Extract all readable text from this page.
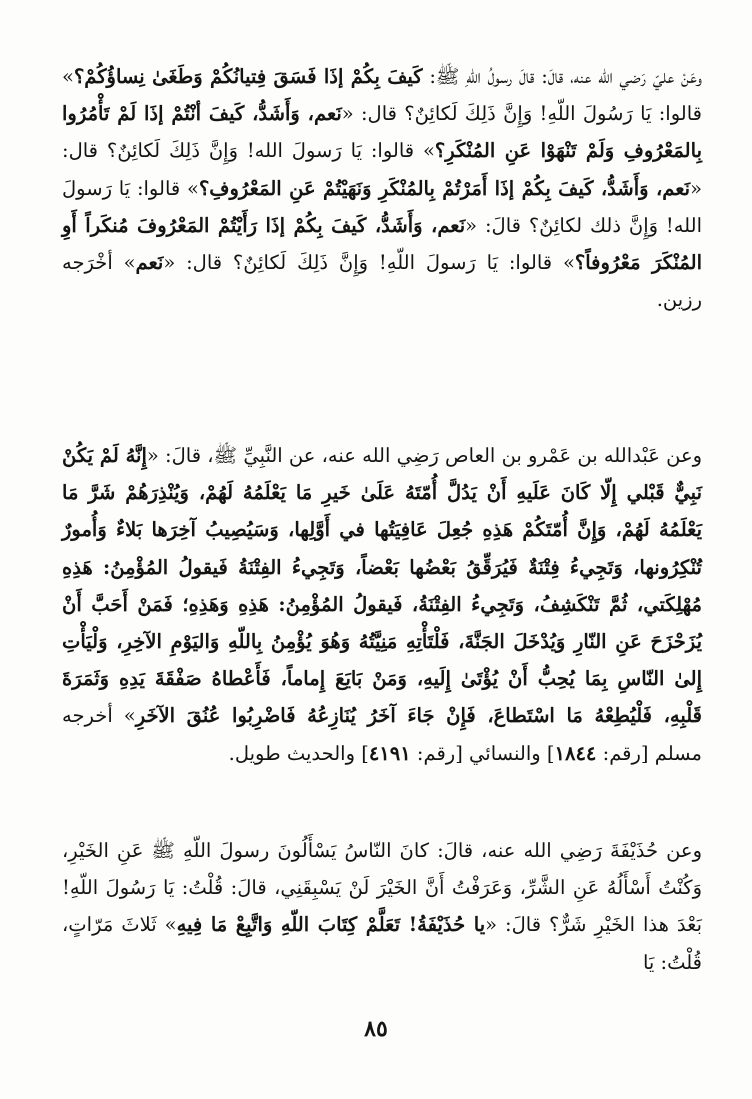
وعَنْ عليّ رَضي الله عنه، قالَ: قالَ رسولُ اللّهِ ﷺ: كَيفَ بِكُمْ إذَا فَسَقَ فِتيانُكُمْ وَطَغَىٰ نِساؤُكُمْ؟» قالوا: يَا رَسُولَ اللّهِ! وَإِنَّ ذَلِكَ لَكائِنٌ؟ قال: «نَعم، وَأَشَدُّ، كَيفَ أنْتُمْ إذَا لَمْ تَأْمُرُوا بِالمَعْرُوفِ وَلَمْ تَنْهَوْا عَنِ المُنْكَرِ؟» قالوا: يَا رَسولَ الله! وَإِنَّ ذَلِكَ لَكائِنٌ؟ قال: «نَعم، وَأَشَدُّ، كَيفَ بِكُمْ إذَا أَمَرْتُمْ بِالمُنْكَرِ وَنَهَيْتُمْ عَنِ المَعْرُوفِ؟» قالوا: يَا رَسولَ الله! وَإِنَّ ذلك لكائِنٌ؟ قالَ: «نَعم، وَأَشَدُّ، كَيفَ بِكُمْ إذَا رَأَيْتُمْ المَعْرُوفَ مُنكَراً أَوِ المُنْكَرَ مَعْرُوفاً؟» قالوا: يَا رَسولَ اللّهِ! وَإِنَّ ذَلِكَ لَكائِنٌ؟ قال: «نَعم» أخْرَجه رزين.

وعن عَبْدالله بن عَمْرو بن العاص رَضِي الله عنه، عن النَّبِيِّ ﷺ، قالَ: «إِنَّهُ لَمْ يَكُنْ نَبِيٌّ قَبْلي إِلّا كَانَ عَلَيهِ أَنْ يَدُلَّ أُمّتَهُ عَلَىٰ خَيرِ مَا يَعْلَمُهُ لَهُمْ، وَيُنْذِرَهُمْ شَرَّ مَا يَعْلَمُهُ لَهُمْ، وَإِنَّ أُمّتَكُمْ هَذِهِ جُعِلَ عَافِيَتُها في أَوَّلِها، وَسَيُصِيبُ آخِرَها بَلاءٌ وَأُمورٌ تُنْكِرُونها، وَتَجِيءُ فِتْنَةٌ فَيُرَقِّقُ بَعْضُها بَعْضاً، وَتَجِيءُ الفِتْنَةُ فَيقولُ المُؤْمِنُ: هَذِهِ مُهْلِكَتي، ثُمَّ تَنْكَشِفُ، وَتَجِيءُ الفِتْنَةُ، فَيقولُ المُؤْمِنُ: هَذِهِ وَهَذِهِ؛ فَمَنْ أَحَبَّ أَنْ يُزَحْزَحَ عَنِ النّارِ وَيُدْخَلَ الجَنَّةَ، فَلْتَأْتِهِ مَنِيَّتُهُ وَهُوَ يُؤْمِنُ بِاللّهِ وَاليَوْمِ الآخِرِ، وَلْيَأْتِ إِلىٰ النّاسِ بِمَا يُحِبُّ أَنْ يُؤْتَىٰ إِلَيهِ، وَمَنْ بَايَعَ إِماماً، فَأَعْطاهُ صَفْقَةَ يَدِهِ وَثَمَرَةَ قَلْبِهِ، فَلْيُطِعْهُ مَا اسْتَطاعَ، فَإِنْ جَاءَ آخَرُ يُنَازِعُهُ فَاضْرِبُوا عُنُقَ الآخَرِ» أخرجه مسلم [رقم: ١٨٤٤] والنسائي [رقم: ٤١٩١] والحديث طويل.

وعن حُذَيْفَةَ رَضِي الله عنه، قالَ: كانَ النّاسُ يَسْأَلُونَ رسولَ اللّهِ ﷺ عَنِ الخَيْرِ، وَكُنْتُ أَسْأَلُهُ عَنِ الشَّرِّ، وَعَرَفْتُ أَنَّ الخَيْرَ لَنْ يَسْبِقَنِي، قالَ: قُلْتُ: يَا رَسُولَ اللّهِ! بَعْدَ هذا الخَيْرِ شَرٌّ؟ قالَ: «يا حُذَيْفَةُ! تَعَلَّمْ كِتَابَ اللّهِ وَاتَّبِعْ مَا فِيهِ» ثَلاثَ مَرّاتٍ، قُلْتُ: يَا

٨٥
